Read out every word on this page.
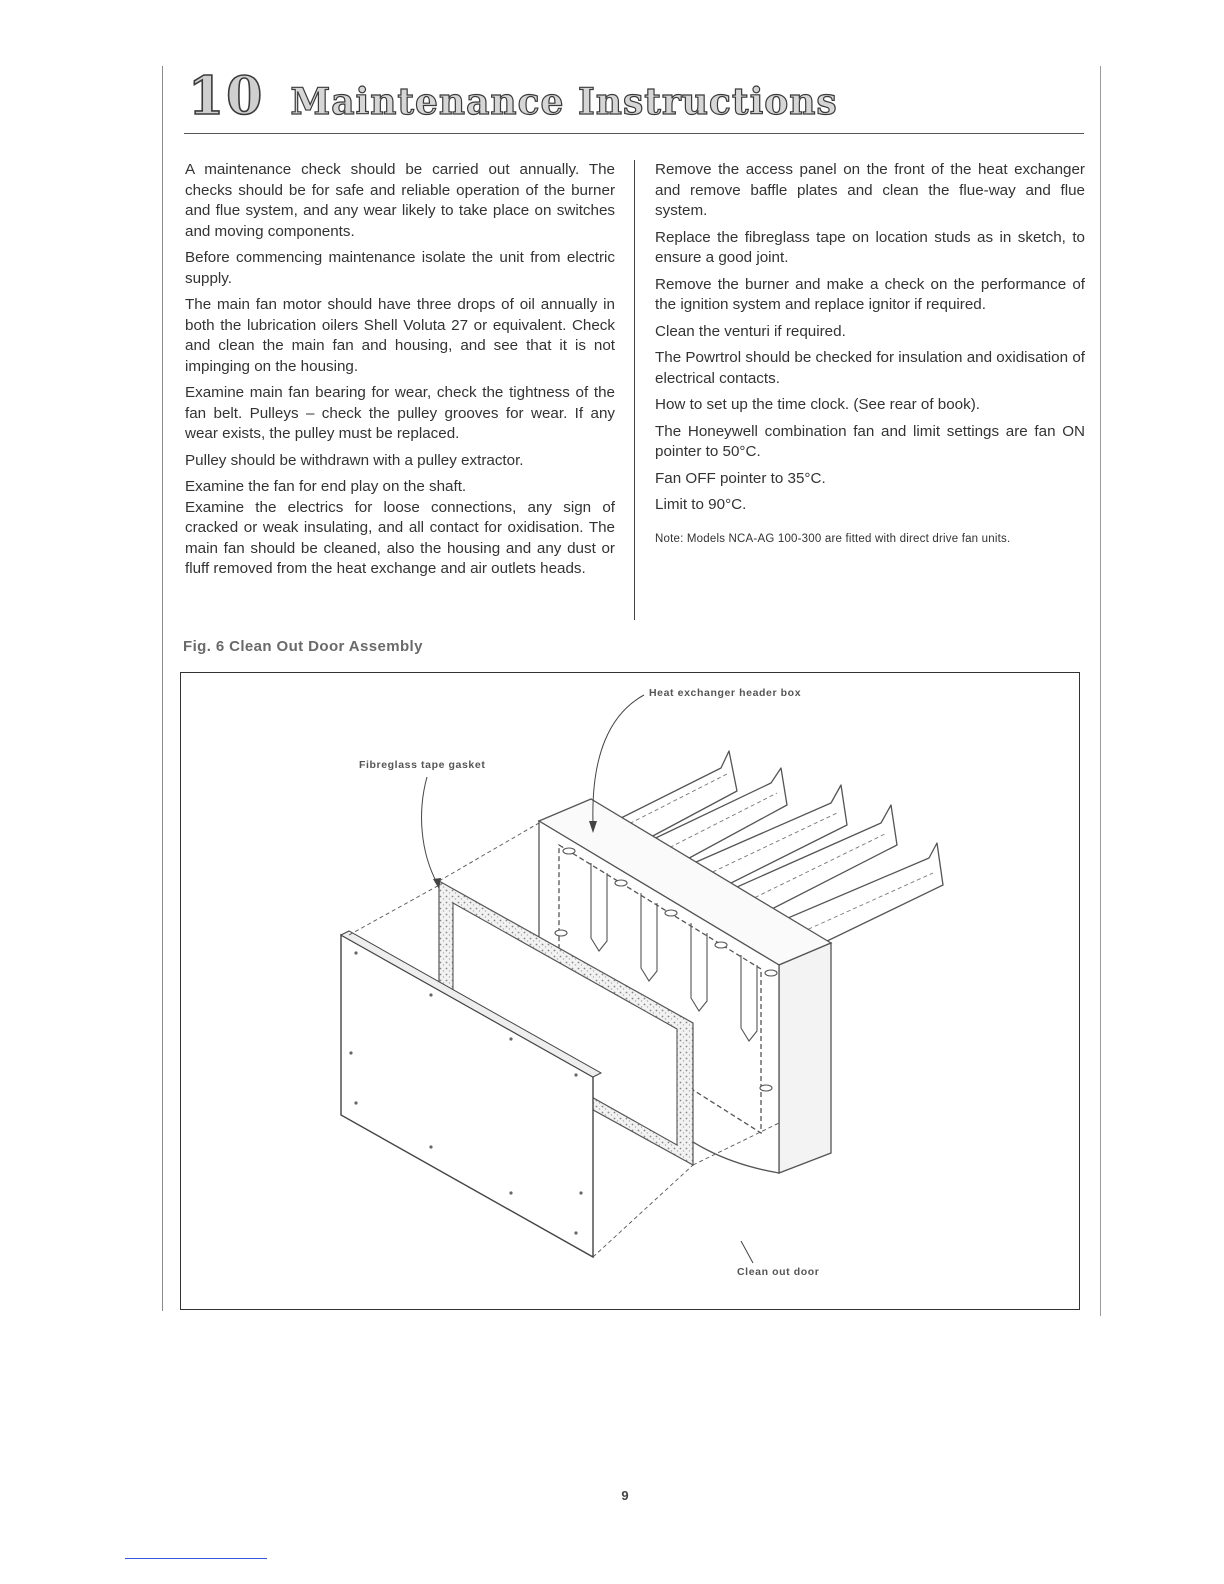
10 Maintenance Instructions

A maintenance check should be carried out annually. The checks should be for safe and reliable operation of the burner and flue system, and any wear likely to take place on switches and moving components.

Before commencing maintenance isolate the unit from electric supply.

The main fan motor should have three drops of oil annually in both the lubrication oilers Shell Voluta 27 or equivalent. Check and clean the main fan and housing, and see that it is not impinging on the housing.

Examine main fan bearing for wear, check the tightness of the fan belt. Pulleys – check the pulley grooves for wear. If any wear exists, the pulley must be replaced.

Pulley should be withdrawn with a pulley extractor.

Examine the fan for end play on the shaft.

Examine the electrics for loose connections, any sign of cracked or weak insulating, and all contact for oxidisation. The main fan should be cleaned, also the housing and any dust or fluff removed from the heat exchange and air outlets heads.

Remove the access panel on the front of the heat exchanger and remove baffle plates and clean the flue-way and flue system.

Replace the fibreglass tape on location studs as in sketch, to ensure a good joint.

Remove the burner and make a check on the performance of the ignition system and replace ignitor if required.

Clean the venturi if required.

The Powrtrol should be checked for insulation and oxidisation of electrical contacts.

How to set up the time clock. (See rear of book).

The Honeywell combination fan and limit settings are fan ON pointer to 50°C.

Fan OFF pointer to 35°C.

Limit to 90°C.

Note: Models NCA-AG 100-300 are fitted with direct drive fan units.

Fig. 6 Clean Out Door Assembly
Heat exchanger header box
Fibreglass tape gasket
Clean out door
9
